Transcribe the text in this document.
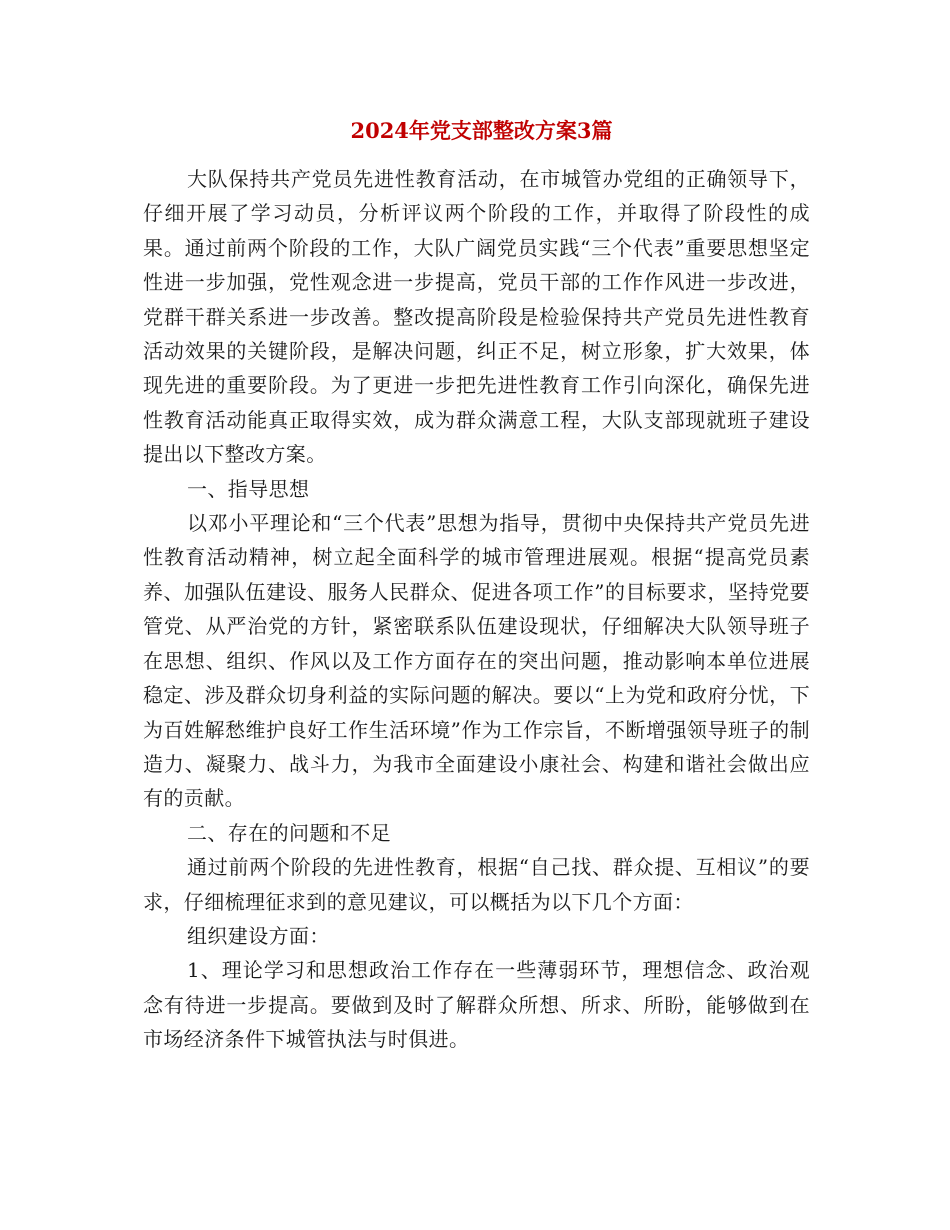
2024年党支部整改方案3篇

大队保持共产党员先进性教育活动，在市城管办党组的正确领导下，仔细开展了学习动员，分析评议两个阶段的工作，并取得了阶段性的成果。通过前两个阶段的工作，大队广阔党员实践“三个代表”重要思想坚定性进一步加强，党性观念进一步提高，党员干部的工作作风进一步改进，党群干群关系进一步改善。整改提高阶段是检验保持共产党员先进性教育活动效果的关键阶段，是解决问题，纠正不足，树立形象，扩大效果，体现先进的重要阶段。为了更进一步把先进性教育工作引向深化，确保先进性教育活动能真正取得实效，成为群众满意工程，大队支部现就班子建设提出以下整改方案。

一、指导思想

以邓小平理论和“三个代表”思想为指导，贯彻中央保持共产党员先进性教育活动精神，树立起全面科学的城市管理进展观。根据“提高党员素养、加强队伍建设、服务人民群众、促进各项工作”的目标要求，坚持党要管党、从严治党的方针，紧密联系队伍建设现状，仔细解决大队领导班子在思想、组织、作风以及工作方面存在的突出问题，推动影响本单位进展稳定、涉及群众切身利益的实际问题的解决。要以“上为党和政府分忧，下为百姓解愁维护良好工作生活环境”作为工作宗旨，不断增强领导班子的制造力、凝聚力、战斗力，为我市全面建设小康社会、构建和谐社会做出应有的贡献。

二、存在的问题和不足

通过前两个阶段的先进性教育，根据“自己找、群众提、互相议”的要求，仔细梳理征求到的意见建议，可以概括为以下几个方面：

组织建设方面：

1、理论学习和思想政治工作存在一些薄弱环节，理想信念、政治观念有待进一步提高。要做到及时了解群众所想、所求、所盼，能够做到在市场经济条件下城管执法与时俱进。
